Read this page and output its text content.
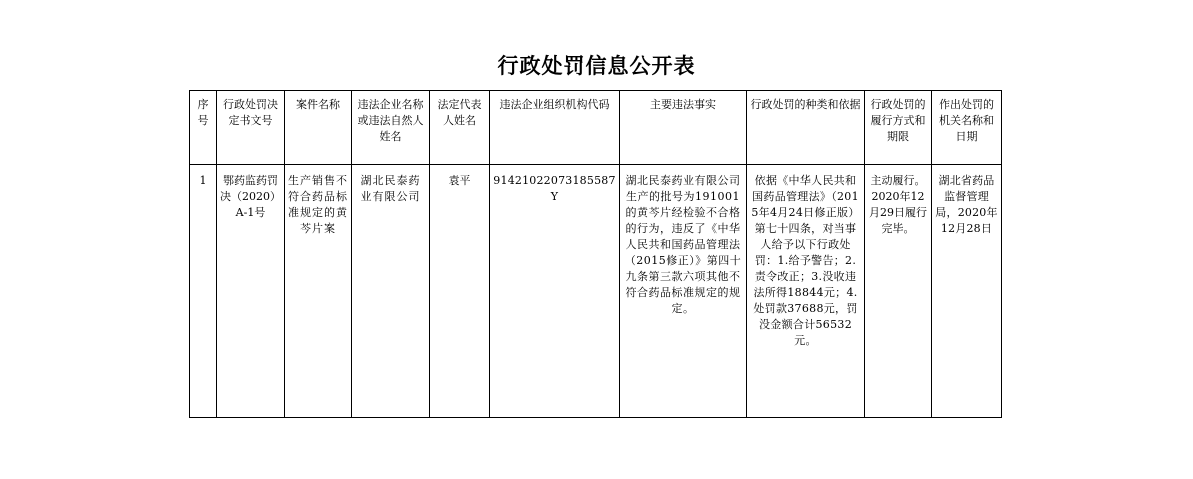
行政处罚信息公开表
序号	行政处罚决定书文号	案件名称	违法企业名称或违法自然人姓名	法定代表人姓名	违法企业组织机构代码	主要违法事实	行政处罚的种类和依据	行政处罚的履行方式和期限	作出处罚的机关名称和日期
1	鄂药监药罚决（2020）A-1号	生产销售不符合药品标准规定的黄芩片案	湖北民泰药业有限公司	袁平	91421022073185587Y	湖北民泰药业有限公司生产的批号为191001的黄芩片经检验不合格的行为，违反了《中华人民共和国药品管理法（2015修正）》第四十九条第三款六项其他不符合药品标准规定的规定。	依据《中华人民共和国药品管理法》（2015年4月24日修正版）第七十四条，对当事人给予以下行政处罚：1.给予警告；2.责令改正；3.没收违法所得18844元；4.处罚款37688元，罚没金额合计56532元。	主动履行。2020年12月29日履行完毕。	湖北省药品监督管理局，2020年12月28日
